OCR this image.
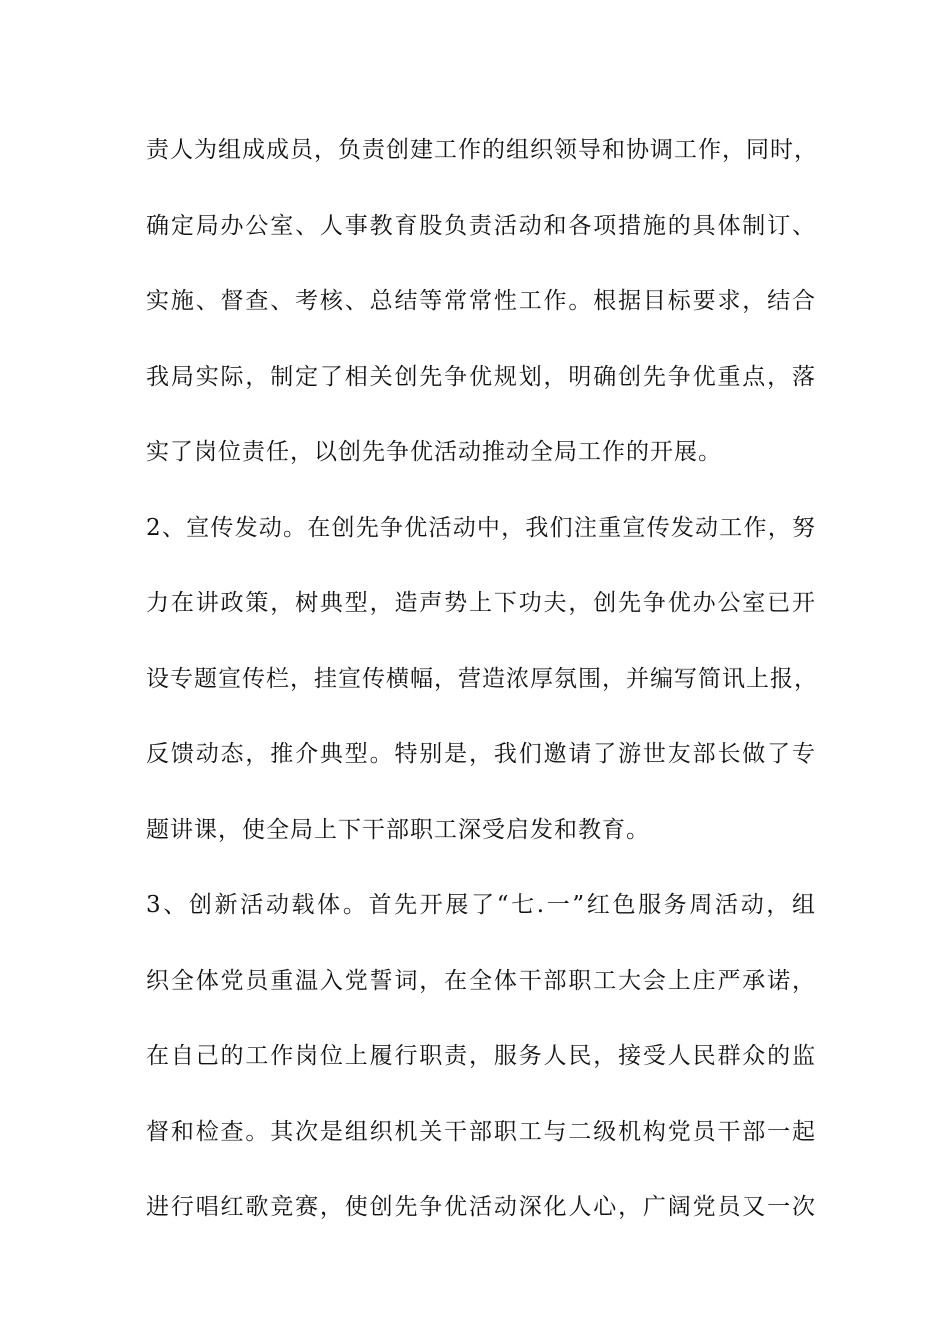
责人为组成成员，负责创建工作的组织领导和协调工作，同时，
确定局办公室、人事教育股负责活动和各项措施的具体制订、
实施、督查、考核、总结等常常性工作。根据目标要求，结合
我局实际，制定了相关创先争优规划，明确创先争优重点，落
实了岗位责任，以创先争优活动推动全局工作的开展。
2、宣传发动。在创先争优活动中，我们注重宣传发动工作，努
力在讲政策，树典型，造声势上下功夫，创先争优办公室已开
设专题宣传栏，挂宣传横幅，营造浓厚氛围，并编写简讯上报，
反馈动态，推介典型。特别是，我们邀请了游世友部长做了专
题讲课，使全局上下干部职工深受启发和教育。
3、创新活动载体。首先开展了“七.一”红色服务周活动，组
织全体党员重温入党誓词，在全体干部职工大会上庄严承诺，
在自己的工作岗位上履行职责，服务人民，接受人民群众的监
督和检查。其次是组织机关干部职工与二级机构党员干部一起
进行唱红歌竞赛，使创先争优活动深化人心，广阔党员又一次
